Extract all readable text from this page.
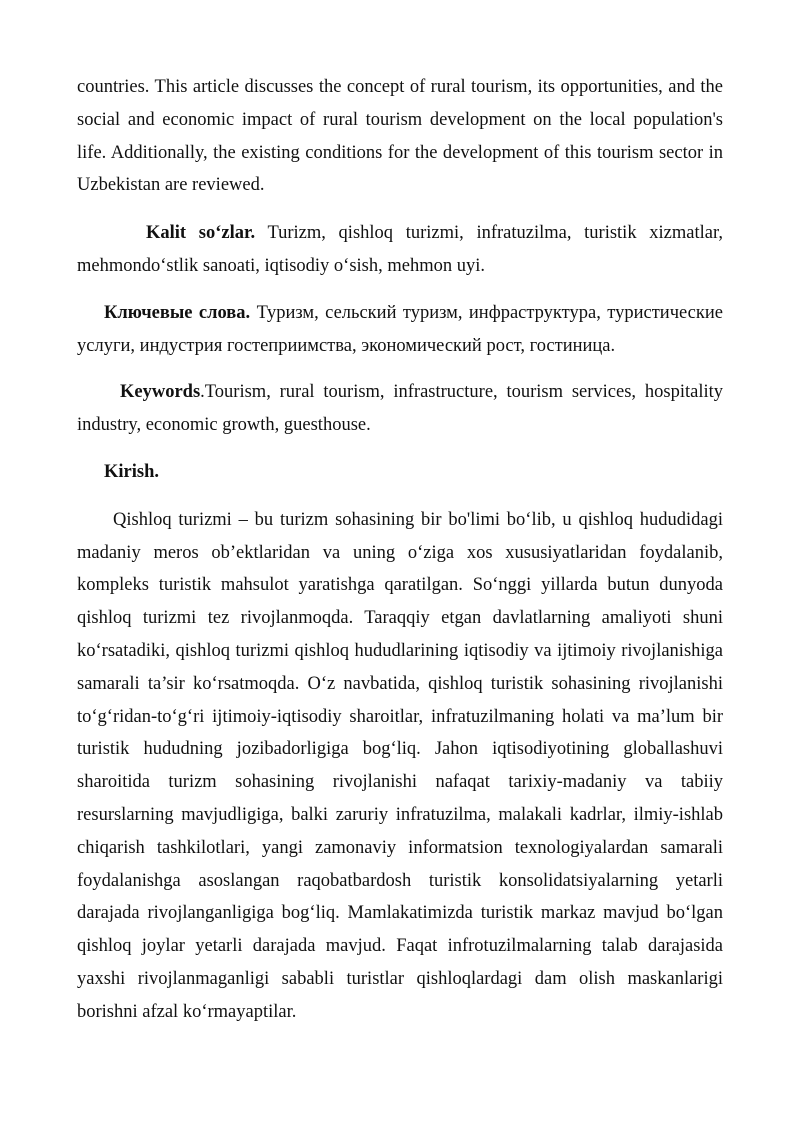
countries. This article discusses the concept of rural tourism, its opportunities, and the social and economic impact of rural tourism development on the local population's life. Additionally, the existing conditions for the development of this tourism sector in Uzbekistan are reviewed.

Kalit so‘zlar. Turizm, qishloq turizmi, infratuzilma, turistik xizmatlar, mehmondo‘stlik sanoati, iqtisodiy o‘sish, mehmon uyi.

Ключевые слова. Туризм, сельский туризм, инфраструктура, туристические услуги, индустрия гостеприимства, экономический рост, гостиница.

Keywords.Tourism, rural tourism, infrastructure, tourism services, hospitality industry, economic growth, guesthouse.

Kirish.

Qishloq turizmi – bu turizm sohasining bir bo'limi bo‘lib, u qishloq hududidagi madaniy meros ob’ektlaridan va uning o‘ziga xos xususiyatlaridan foydalanib, kompleks turistik mahsulot yaratishga qaratilgan. So‘nggi yillarda butun dunyoda qishloq turizmi tez rivojlanmoqda. Taraqqiy etgan davlatlarning amaliyoti shuni ko‘rsatadiki, qishloq turizmi qishloq hududlarining iqtisodiy va ijtimoiy rivojlanishiga samarali ta’sir ko‘rsatmoqda. O‘z navbatida, qishloq turistik sohasining rivojlanishi to‘g‘ridan-to‘g‘ri ijtimoiy-iqtisodiy sharoitlar, infratuzilmaning holati va ma’lum bir turistik hududning jozibadorligiga bog‘liq. Jahon iqtisodiyotining globallashuvi sharoitida turizm sohasining rivojlanishi nafaqat tarixiy-madaniy va tabiiy resurslarning mavjudligiga, balki zaruriy infratuzilma, malakali kadrlar, ilmiy-ishlab chiqarish tashkilotlari, yangi zamonaviy informatsion texnologiyalardan samarali foydalanishga asoslangan raqobatbardosh turistik konsolidatsiyalarning yetarli darajada rivojlanganligiga bog‘liq. Mamlakatimizda turistik markaz mavjud bo‘lgan qishloq joylar yetarli darajada mavjud. Faqat infrotuzilmalarning talab darajasida yaxshi rivojlanmaganligi sababli turistlar qishloqlardagi dam olish maskanlarigi borishni afzal ko‘rmayaptilar.
